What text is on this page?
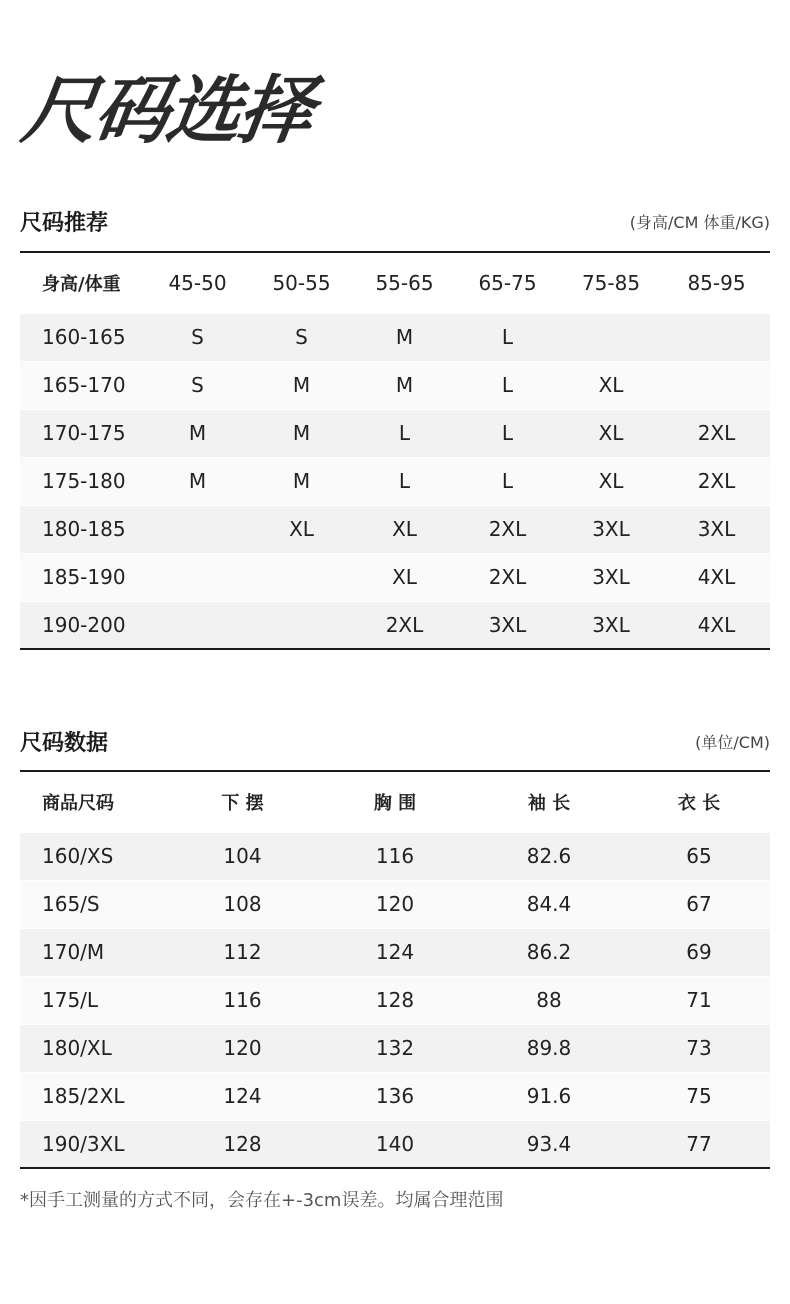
尺码选择
尺码推荐	(身高/CM 体重/KG)
身高/体重	45-50	50-55	55-65	65-75	75-85	85-95
160-165	S	S	M	L		
165-170	S	M	M	L	XL	
170-175	M	M	L	L	XL	2XL
175-180	M	M	L	L	XL	2XL
180-185		XL	XL	2XL	3XL	3XL
185-190			XL	2XL	3XL	4XL
190-200			2XL	3XL	3XL	4XL
尺码数据	(单位/CM)
商品尺码	下 摆	胸 围	袖 长	衣 长
160/XS	104	116	82.6	65
165/S	108	120	84.4	67
170/M	112	124	86.2	69
175/L	116	128	88	71
180/XL	120	132	89.8	73
185/2XL	124	136	91.6	75
190/3XL	128	140	93.4	77
*因手工测量的方式不同，会存在+-3cm误差。均属合理范围
